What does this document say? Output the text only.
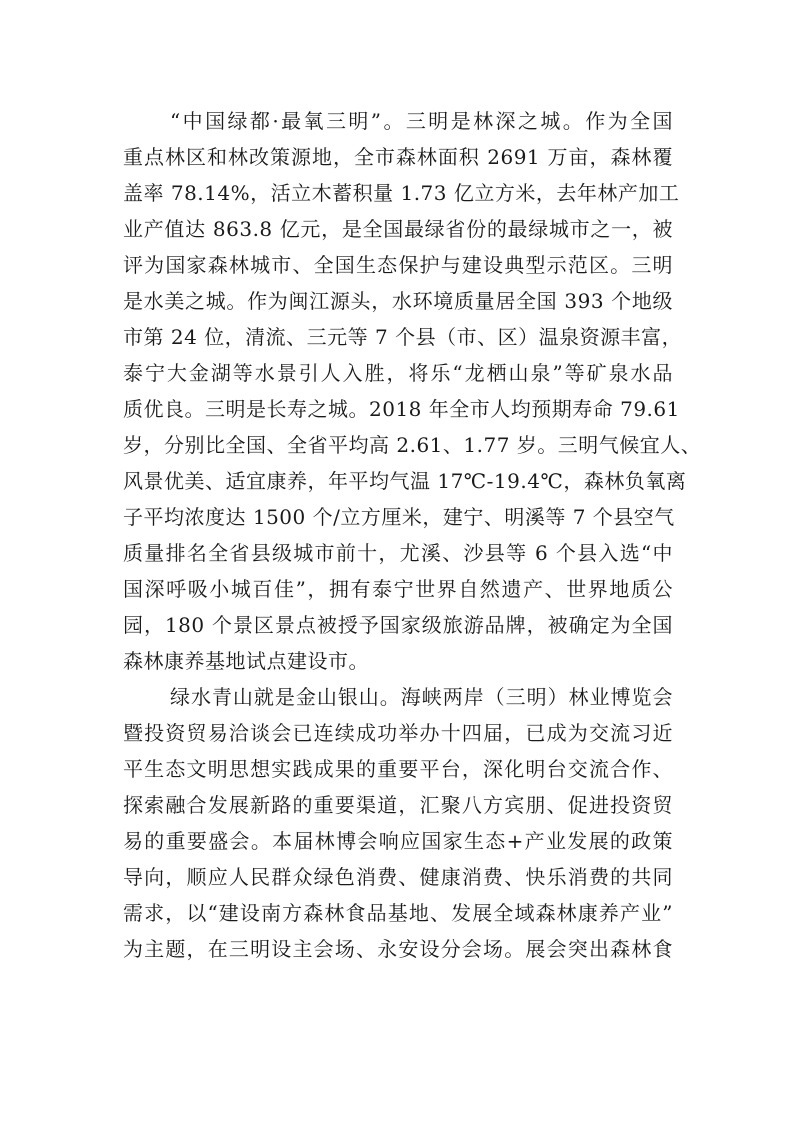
“中国绿都·最氧三明”。三明是林深之城。作为全国
重点林区和林改策源地，全市森林面积 2691 万亩，森林覆
盖率 78.14%，活立木蓄积量 1.73 亿立方米，去年林产加工
业产值达 863.8 亿元，是全国最绿省份的最绿城市之一，被
评为国家森林城市、全国生态保护与建设典型示范区。三明
是水美之城。作为闽江源头，水环境质量居全国 393 个地级
市第 24 位，清流、三元等 7 个县（市、区）温泉资源丰富，
泰宁大金湖等水景引人入胜，将乐“龙栖山泉”等矿泉水品
质优良。三明是长寿之城。2018 年全市人均预期寿命 79.61
岁，分别比全国、全省平均高 2.61、1.77 岁。三明气候宜人、
风景优美、适宜康养，年平均气温 17℃-19.4℃，森林负氧离
子平均浓度达 1500 个/立方厘米，建宁、明溪等 7 个县空气
质量排名全省县级城市前十，尤溪、沙县等 6 个县入选“中
国深呼吸小城百佳”，拥有泰宁世界自然遗产、世界地质公
园，180 个景区景点被授予国家级旅游品牌，被确定为全国
森林康养基地试点建设市。
绿水青山就是金山银山。海峡两岸（三明）林业博览会
暨投资贸易洽谈会已连续成功举办十四届，已成为交流习近
平生态文明思想实践成果的重要平台，深化明台交流合作、
探索融合发展新路的重要渠道，汇聚八方宾朋、促进投资贸
易的重要盛会。本届林博会响应国家生态+产业发展的政策
导向，顺应人民群众绿色消费、健康消费、快乐消费的共同
需求，以“建设南方森林食品基地、发展全域森林康养产业”
为主题，在三明设主会场、永安设分会场。展会突出森林食
